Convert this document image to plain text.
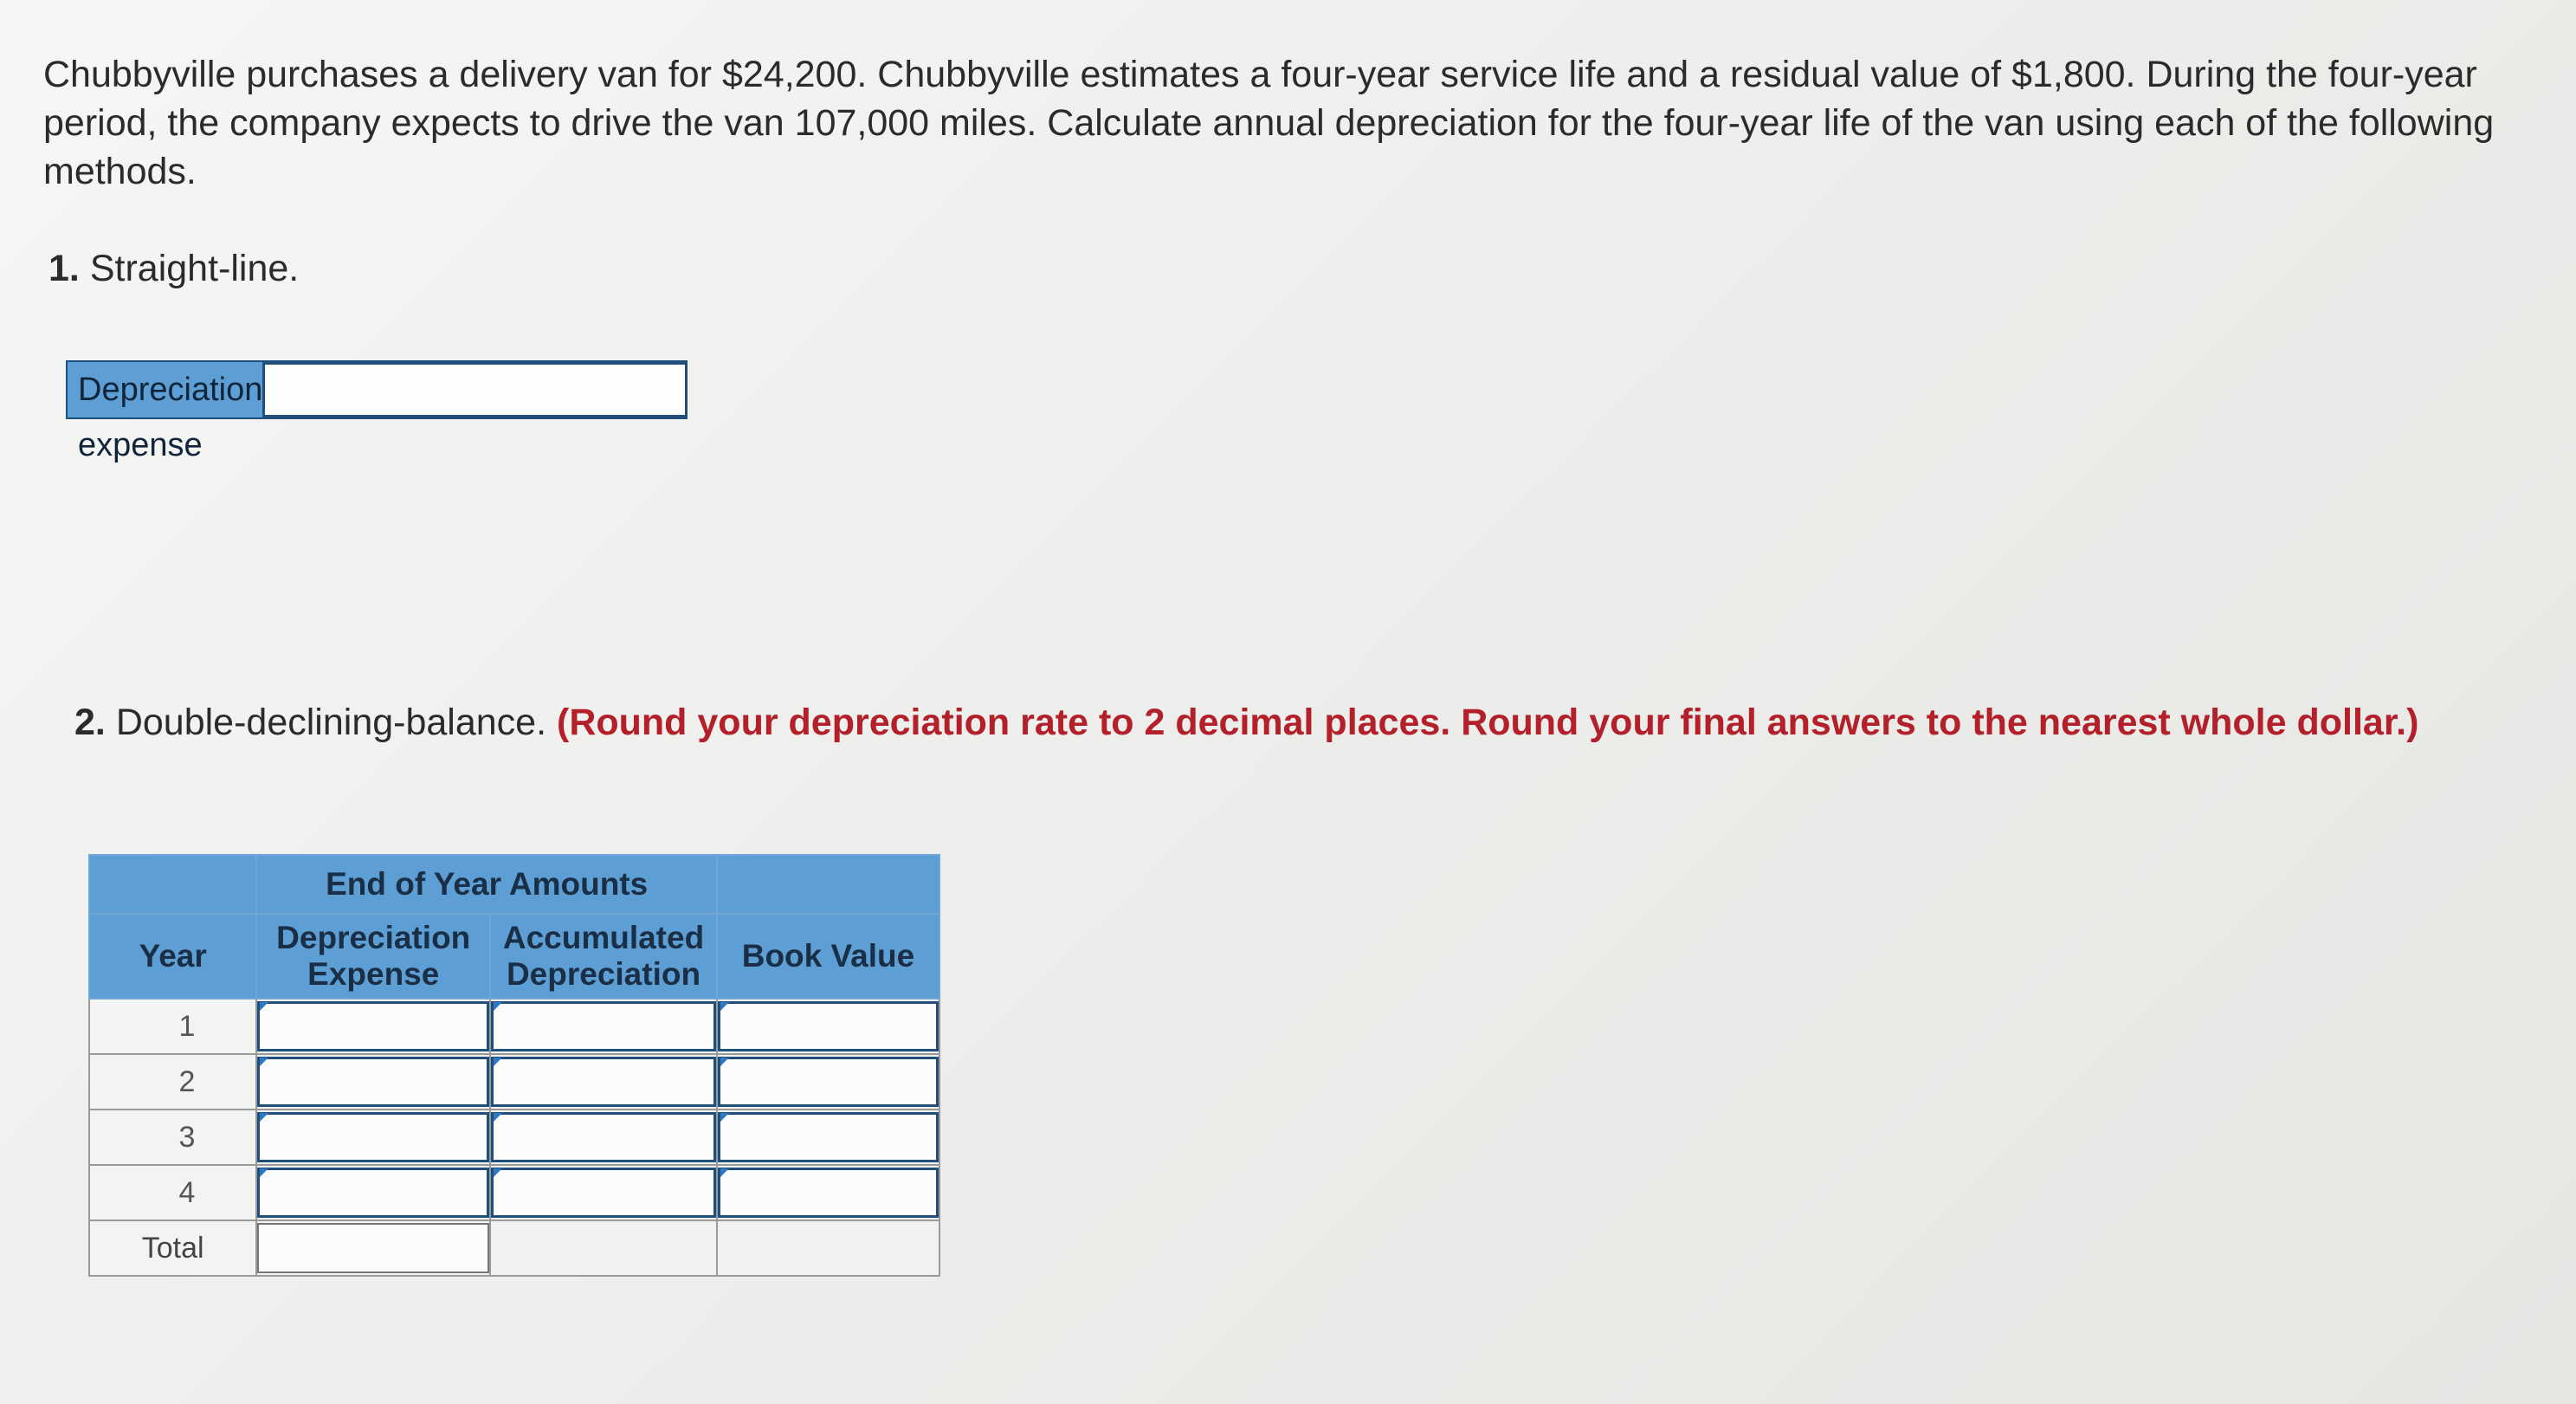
Chubbyville purchases a delivery van for $24,200. Chubbyville estimates a four-year service life and a residual value of $1,800. During the four-year period, the company expects to drive the van 107,000 miles. Calculate annual depreciation for the four-year life of the van using each of the following methods.

1. Straight-line.

Depreciation expense

2. Double-declining-balance. (Round your depreciation rate to 2 decimal places. Round your final answers to the nearest whole dollar.)

	End of Year Amounts		
Year	Depreciation Expense	Accumulated Depreciation	Book Value
1	

2	

3	

4	

Total			
